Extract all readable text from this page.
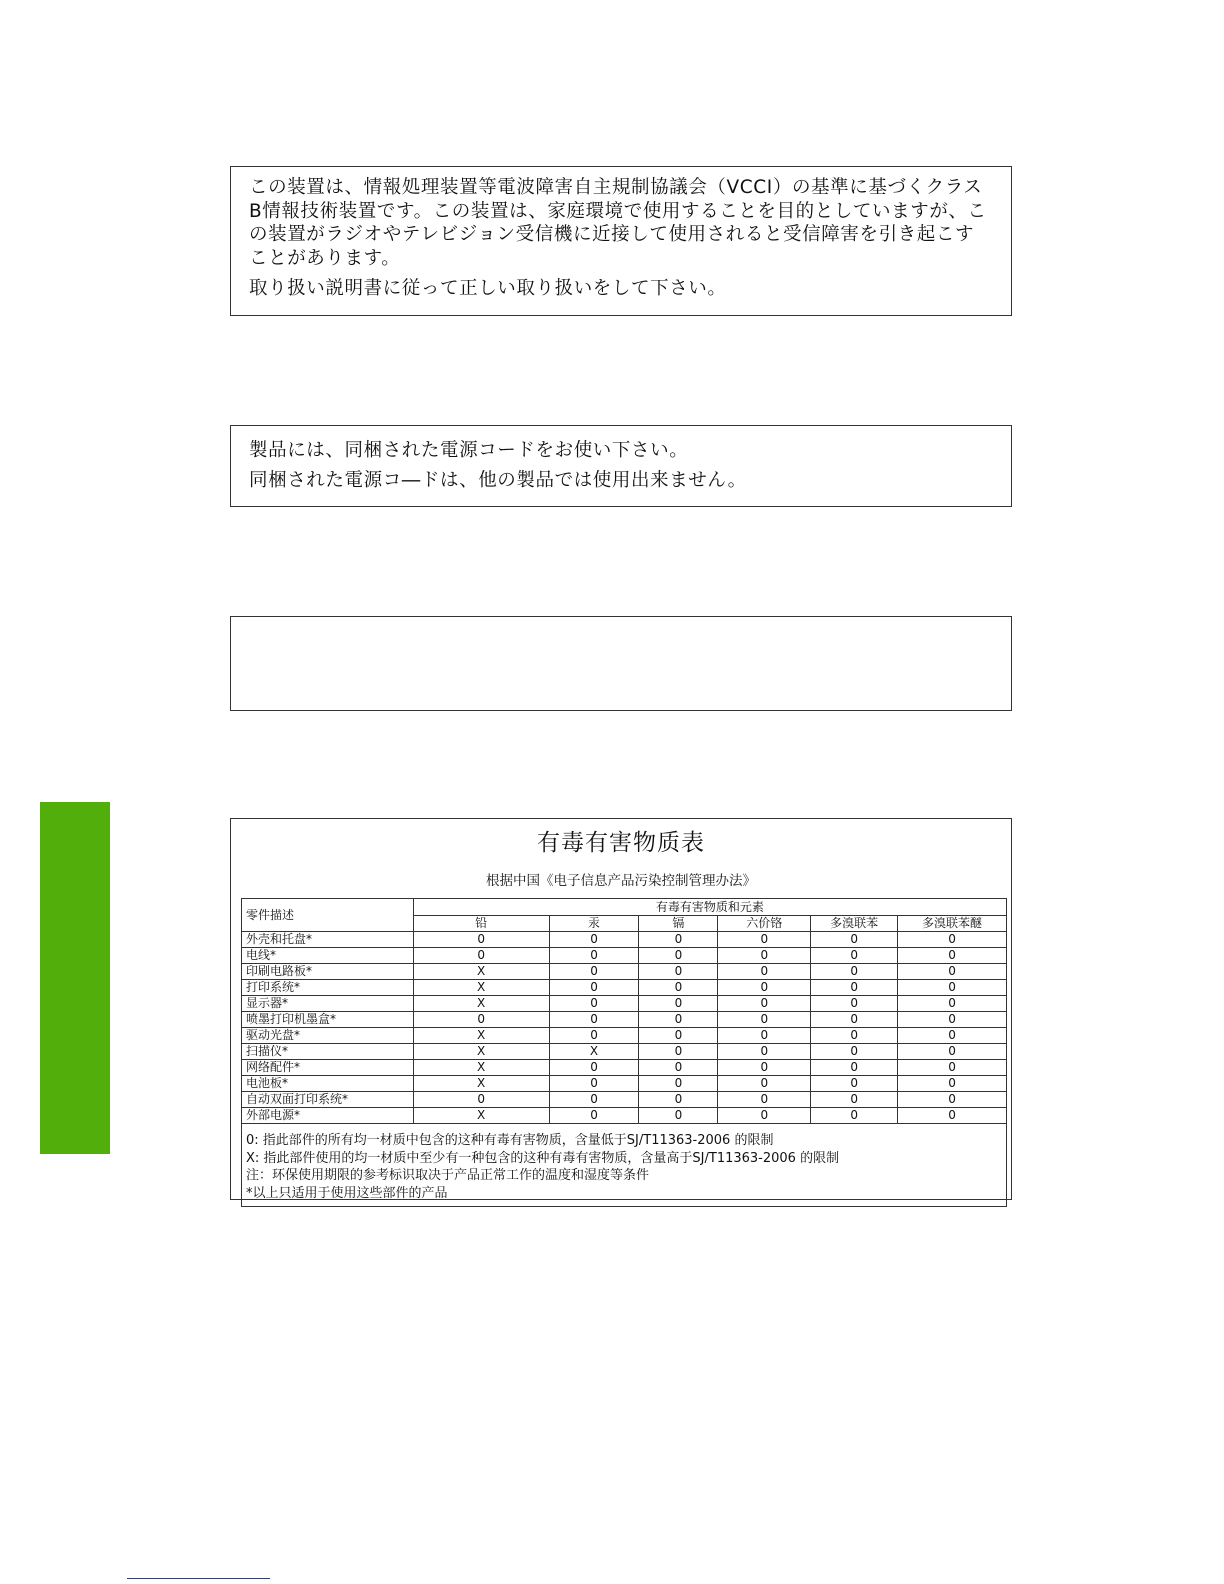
この装置は、情報処理装置等電波障害自主規制協議会（VCCI）の基準に基づくクラス

B情報技術装置です。この装置は、家庭環境で使用することを目的としていますが、こ

の装置がラジオやテレビジョン受信機に近接して使用されると受信障害を引き起こす

ことがあります。

取り扱い説明書に従って正しい取り扱いをして下さい。

製品には、同梱された電源コードをお使い下さい。

同梱された電源コ―ドは、他の製品では使用出来ません。

有毒有害物质表
根据中国《电子信息产品污染控制管理办法》
零件描述	有毒有害物质和元素					
	铅	汞	镉	六价铬	多溴联苯	多溴联苯醚
外壳和托盘*	0	0	0	0	0	0
电线*	0	0	0	0	0	0
印刷电路板*	X	0	0	0	0	0
打印系统*	X	0	0	0	0	0
显示器*	X	0	0	0	0	0
喷墨打印机墨盒*	0	0	0	0	0	0
驱动光盘*	X	0	0	0	0	0
扫描仪*	X	X	0	0	0	0
网络配件*	X	0	0	0	0	0
电池板*	X	0	0	0	0	0
自动双面打印系统*	0	0	0	0	0	0
外部电源*	X	0	0	0	0	0

0: 指此部件的所有均一材质中包含的这种有毒有害物质，含量低于SJ/T11363-2006 的限制
X: 指此部件使用的均一材质中至少有一种包含的这种有毒有害物质，含量高于SJ/T11363-2006 的限制
注：环保使用期限的参考标识取决于产品正常工作的温度和湿度等条件
*以上只适用于使用这些部件的产品						
